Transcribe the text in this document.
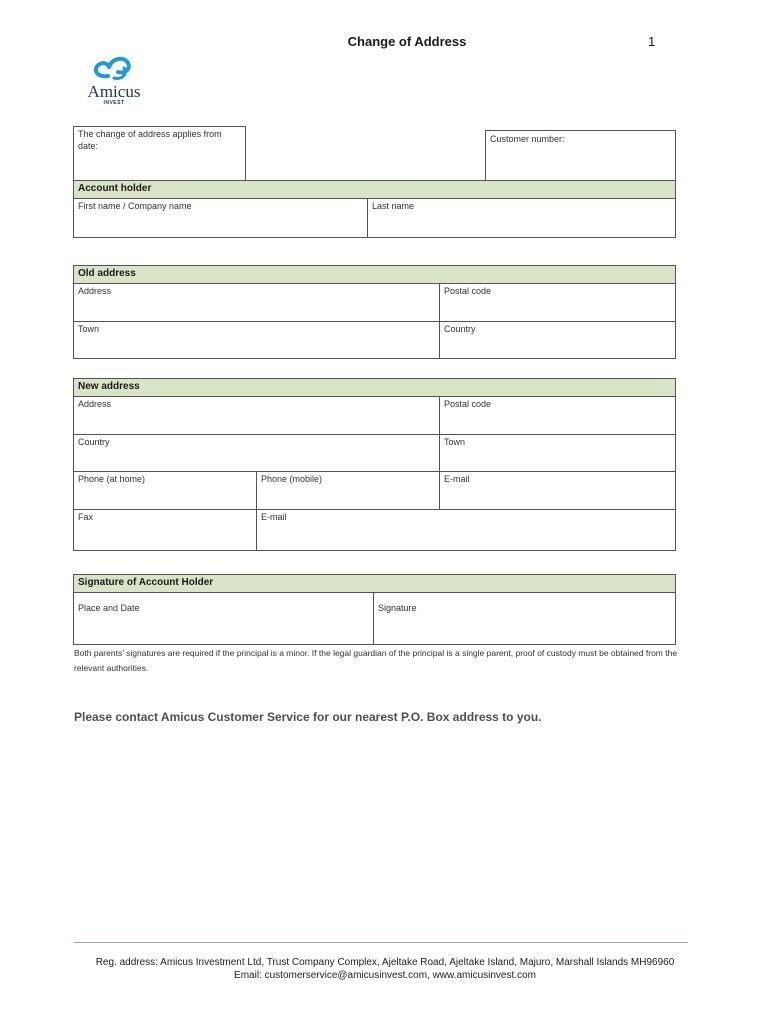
Change of Address	1
Amicus
INVEST
The change of address applies from date:
Customer number:
Account holder
First name / Company name	Last name
Old address
Address	Postal code
Town	Country
New address
Address	Postal code
Country	Town
Phone (at home)	Phone (mobile)	E-mail
Fax	E-mail
Signature of Account Holder
Place and Date	Signature
Both parents’ signatures are required if the principal is a minor. If the legal guardian of the principal is a single parent, proof of custody must be obtained from the relevant authorities.
Please contact Amicus Customer Service for our nearest P.O. Box address to you.
Reg. address: Amicus Investment Ltd, Trust Company Complex, Ajeltake Road, Ajeltake Island, Majuro, Marshall Islands MH96960
Email: customerservice@amicusinvest.com, www.amicusinvest.com
